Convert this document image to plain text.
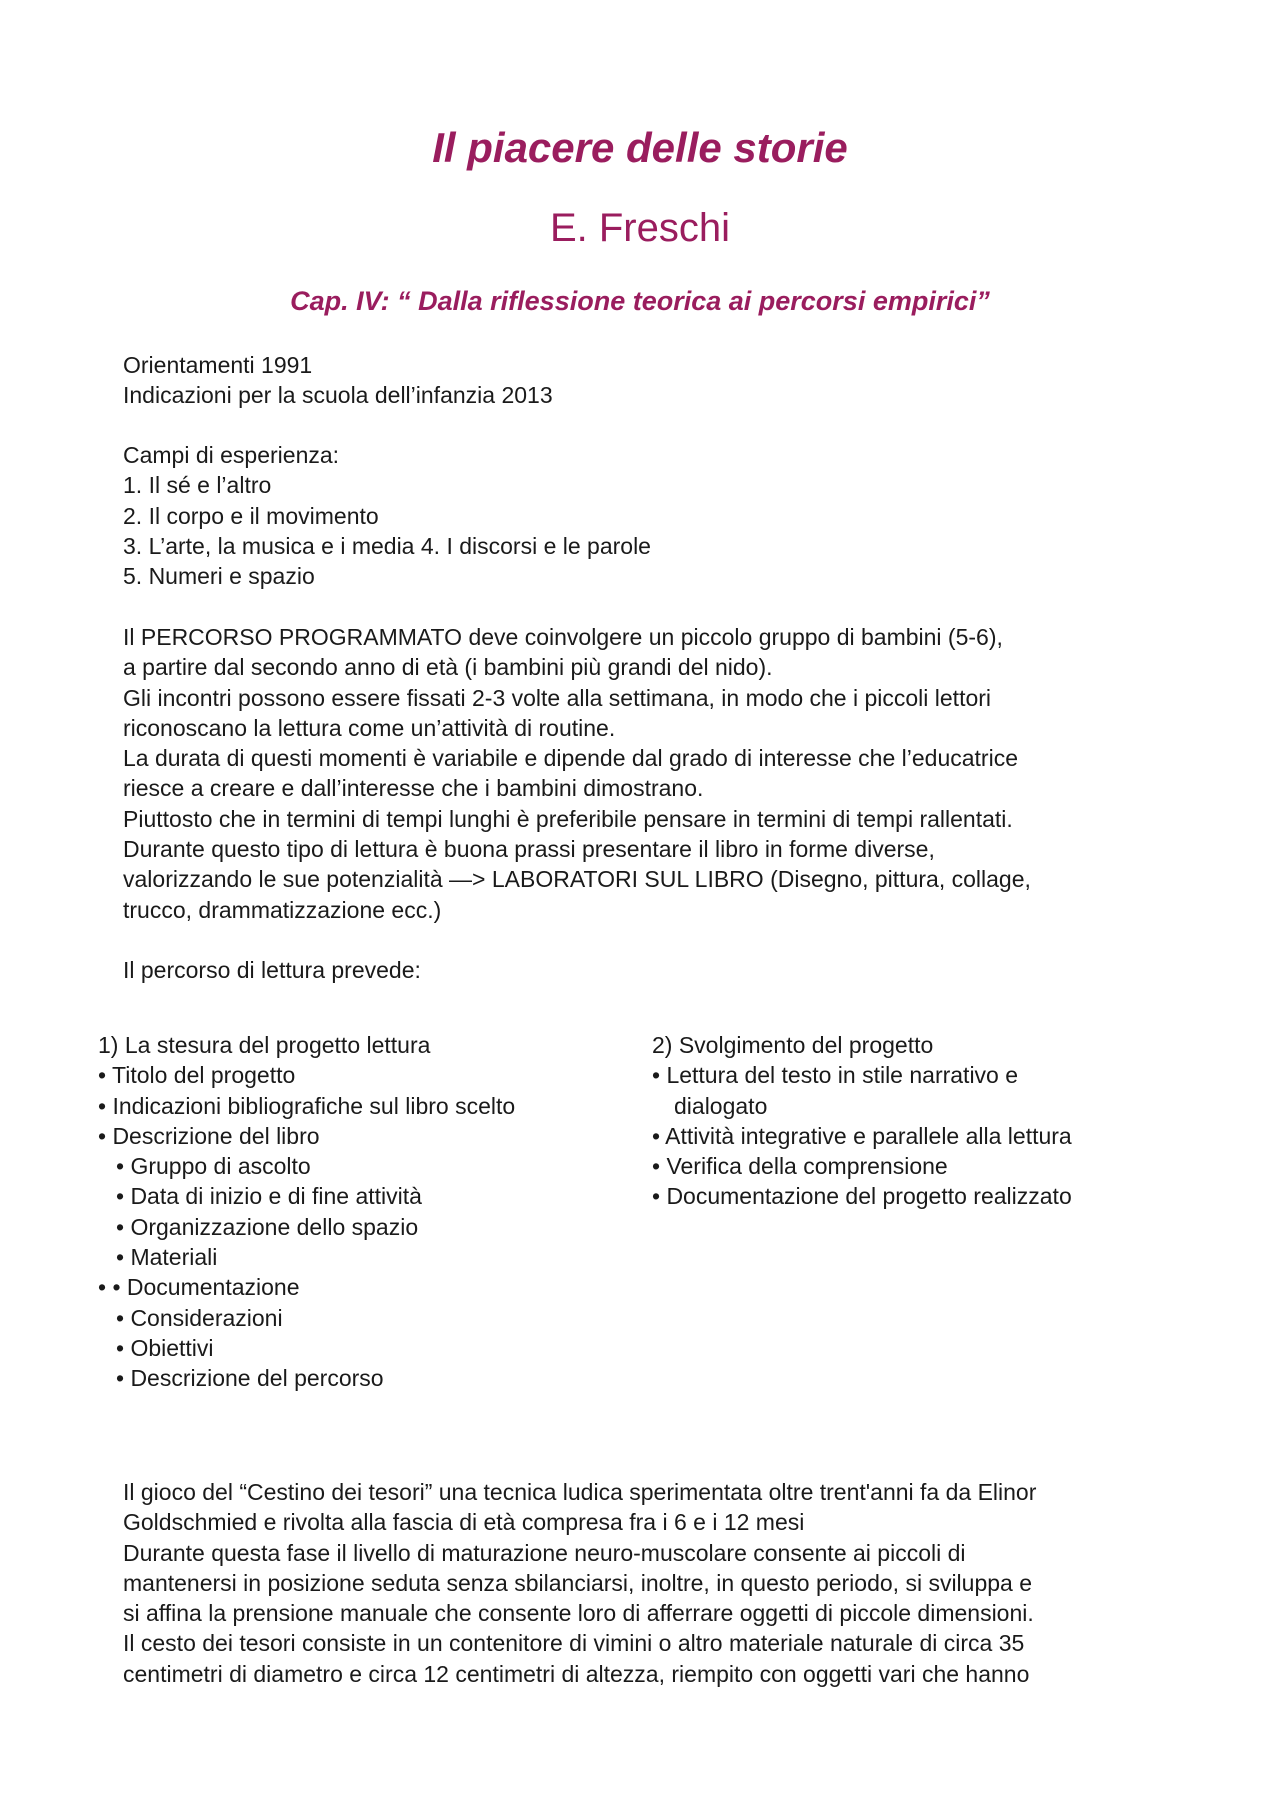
Il piacere delle storie
E. Freschi
Cap. IV: “ Dalla riflessione teorica ai percorsi empirici”
Orientamenti 1991
Indicazioni per la scuola dell’infanzia 2013
Campi di esperienza:
1. Il sé e l’altro
2. Il corpo e il movimento
3. L’arte, la musica e i media 4. I discorsi e le parole
5. Numeri e spazio
Il PERCORSO PROGRAMMATO deve coinvolgere un piccolo gruppo di bambini (5-6),
a partire dal secondo anno di età (i bambini più grandi del nido).
Gli incontri possono essere fissati 2-3 volte alla settimana, in modo che i piccoli lettori
riconoscano la lettura come un’attività di routine.
La durata di questi momenti è variabile e dipende dal grado di interesse che l’educatrice
riesce a creare e dall’interesse che i bambini dimostrano.
Piuttosto che in termini di tempi lunghi è preferibile pensare in termini di tempi rallentati.
Durante questo tipo di lettura è buona prassi presentare il libro in forme diverse,
valorizzando le sue potenzialità —> LABORATORI SUL LIBRO (Disegno, pittura, collage,
trucco, drammatizzazione ecc.)
Il percorso di lettura prevede:
1) La stesura del progetto lettura
• Titolo del progetto
• Indicazioni bibliografiche sul libro scelto
• Descrizione del libro
• Gruppo di ascolto
• Data di inizio e di fine attività
• Organizzazione dello spazio
• Materiali
• • Documentazione
• Considerazioni
• Obiettivi
• Descrizione del percorso
2) Svolgimento del progetto
• Lettura del testo in stile narrativo e
dialogato
• Attività integrative e parallele alla lettura
• Verifica della comprensione
• Documentazione del progetto realizzato
Il gioco del “Cestino dei tesori” una tecnica ludica sperimentata oltre trent'anni fa da Elinor
Goldschmied e rivolta alla fascia di età compresa fra i 6 e i 12 mesi
Durante questa fase il livello di maturazione neuro-muscolare consente ai piccoli di
mantenersi in posizione seduta senza sbilanciarsi, inoltre, in questo periodo, si sviluppa e
si affina la prensione manuale che consente loro di afferrare oggetti di piccole dimensioni.
Il cesto dei tesori consiste in un contenitore di vimini o altro materiale naturale di circa 35
centimetri di diametro e circa 12 centimetri di altezza, riempito con oggetti vari che hanno
